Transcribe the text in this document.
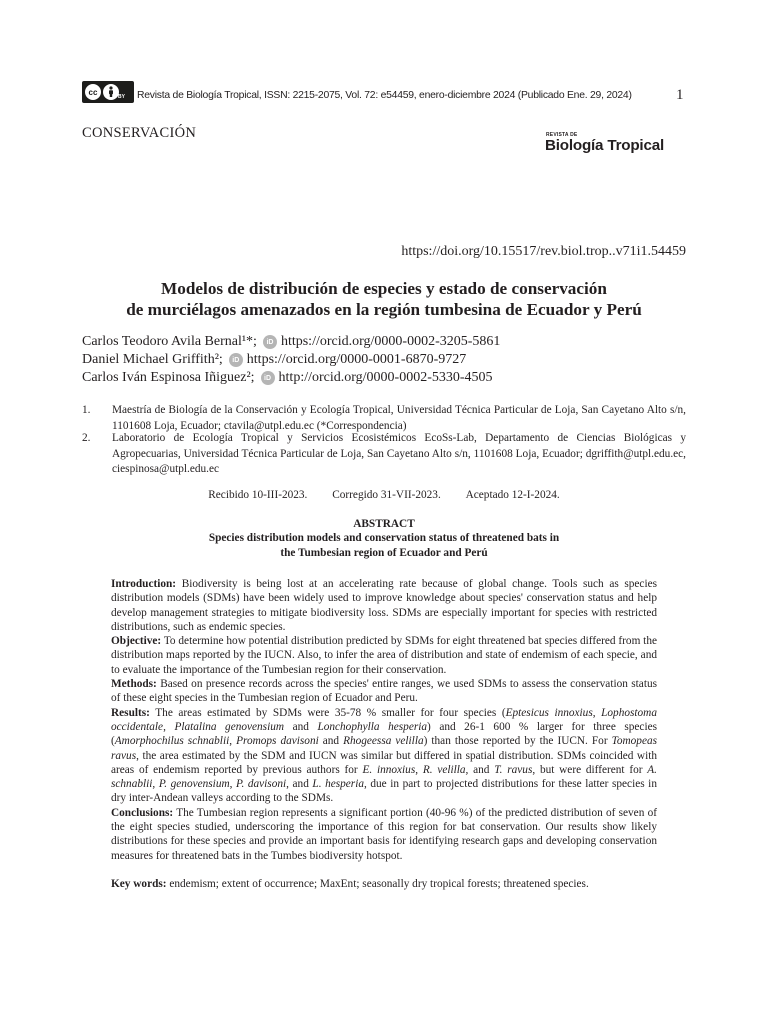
cc
BY Revista de Biología Tropical, ISSN: 2215-2075, Vol. 72: e54459, enero-diciembre 2024 (Publicado Ene. 29, 2024)	1
CONSERVACIÓN	REVISTA DE
Biología Tropical
https://doi.org/10.15517/rev.biol.trop..v71i1.54459
Modelos de distribución de especies y estado de conservación
de murciélagos amenazados en la región tumbesina de Ecuador y Perú
Carlos Teodoro Avila Bernal¹*;	iD https://orcid.org/0000-0002-3205-5861
Daniel Michael Griffith²;	iD https://orcid.org/0000-0001-6870-9727
Carlos Iván Espinosa Iñiguez²;	iD http://orcid.org/0000-0002-5330-4505
1.	Maestría de Biología de la Conservación y Ecología Tropical, Universidad Técnica Particular de Loja, San Cayetano Alto s/n, 1101608 Loja, Ecuador; ctavila@utpl.edu.ec (*Correspondencia)
2.	Laboratorio de Ecología Tropical y Servicios Ecosistémicos EcoSs-Lab, Departamento de Ciencias Biológicas y Agropecuarias, Universidad Técnica Particular de Loja, San Cayetano Alto s/n, 1101608 Loja, Ecuador; dgriffith@utpl.edu.ec, ciespinosa@utpl.edu.ec
Recibido 10-III-2023. Corregido 31-VII-2023. Aceptado 12-I-2024.
ABSTRACT
Species distribution models and conservation status of threatened bats in
the Tumbesian region of Ecuador and Perú
Introduction: Biodiversity is being lost at an accelerating rate because of global change. Tools such as species distribution models (SDMs) have been widely used to improve knowledge about species' conservation status and help develop management strategies to mitigate biodiversity loss. SDMs are especially important for species with restricted distributions, such as endemic species.
Objective: To determine how potential distribution predicted by SDMs for eight threatened bat species differed from the distribution maps reported by the IUCN. Also, to infer the area of distribution and state of endemism of each specie, and to evaluate the importance of the Tumbesian region for their conservation.
Methods: Based on presence records across the species' entire ranges, we used SDMs to assess the conservation status of these eight species in the Tumbesian region of Ecuador and Peru.
Results: The areas estimated by SDMs were 35-78 % smaller for four species (Eptesicus innoxius, Lophostoma occidentale, Platalina genovensium and Lonchophylla hesperia) and 26-1 600 % larger for three species (Amorphochilus schnablii, Promops davisoni and Rhogeessa velilla) than those reported by the IUCN. For Tomopeas ravus, the area estimated by the SDM and IUCN was similar but differed in spatial distribution. SDMs coincided with areas of endemism reported by previous authors for E. innoxius, R. velilla, and T. ravus, but were different for A. schnablii, P. genovensium, P. davisoni, and L. hesperia, due in part to projected distributions for these latter species in dry inter-Andean valleys according to the SDMs.
Conclusions: The Tumbesian region represents a significant portion (40-96 %) of the predicted distribution of seven of the eight species studied, underscoring the importance of this region for bat conservation. Our results show likely distributions for these species and provide an important basis for identifying research gaps and developing conservation measures for threatened bats in the Tumbes biodiversity hotspot.
Key words: endemism; extent of occurrence; MaxEnt; seasonally dry tropical forests; threatened species.
